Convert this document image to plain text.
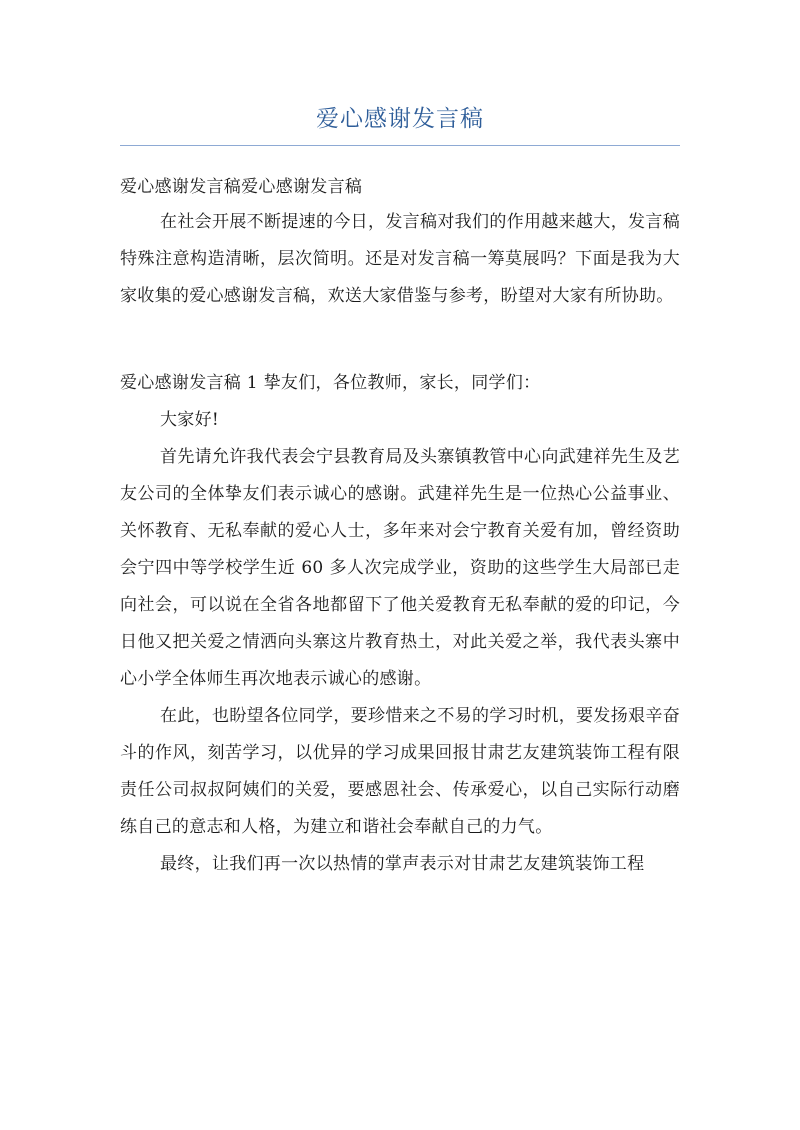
爱心感谢发言稿

爱心感谢发言稿爱心感谢发言稿

在社会开展不断提速的今日，发言稿对我们的作用越来越大，发言稿特殊注意构造清晰，层次简明。还是对发言稿一筹莫展吗？下面是我为大家收集的爱心感谢发言稿，欢送大家借鉴与参考，盼望对大家有所协助。

爱心感谢发言稿 1 挚友们，各位教师，家长，同学们：

大家好!

首先请允许我代表会宁县教育局及头寨镇教管中心向武建祥先生及艺友公司的全体挚友们表示诚心的感谢。武建祥先生是一位热心公益事业、关怀教育、无私奉献的爱心人士，多年来对会宁教育关爱有加，曾经资助会宁四中等学校学生近 60 多人次完成学业，资助的这些学生大局部已走向社会，可以说在全省各地都留下了他关爱教育无私奉献的爱的印记，今日他又把关爱之情洒向头寨这片教育热土，对此关爱之举，我代表头寨中心小学全体师生再次地表示诚心的感谢。

在此，也盼望各位同学，要珍惜来之不易的学习时机，要发扬艰辛奋斗的作风，刻苦学习，以优异的学习成果回报甘肃艺友建筑装饰工程有限责任公司叔叔阿姨们的关爱，要感恩社会、传承爱心，以自己实际行动磨练自己的意志和人格，为建立和谐社会奉献自己的力气。

最终，让我们再一次以热情的掌声表示对甘肃艺友建筑装饰工程
